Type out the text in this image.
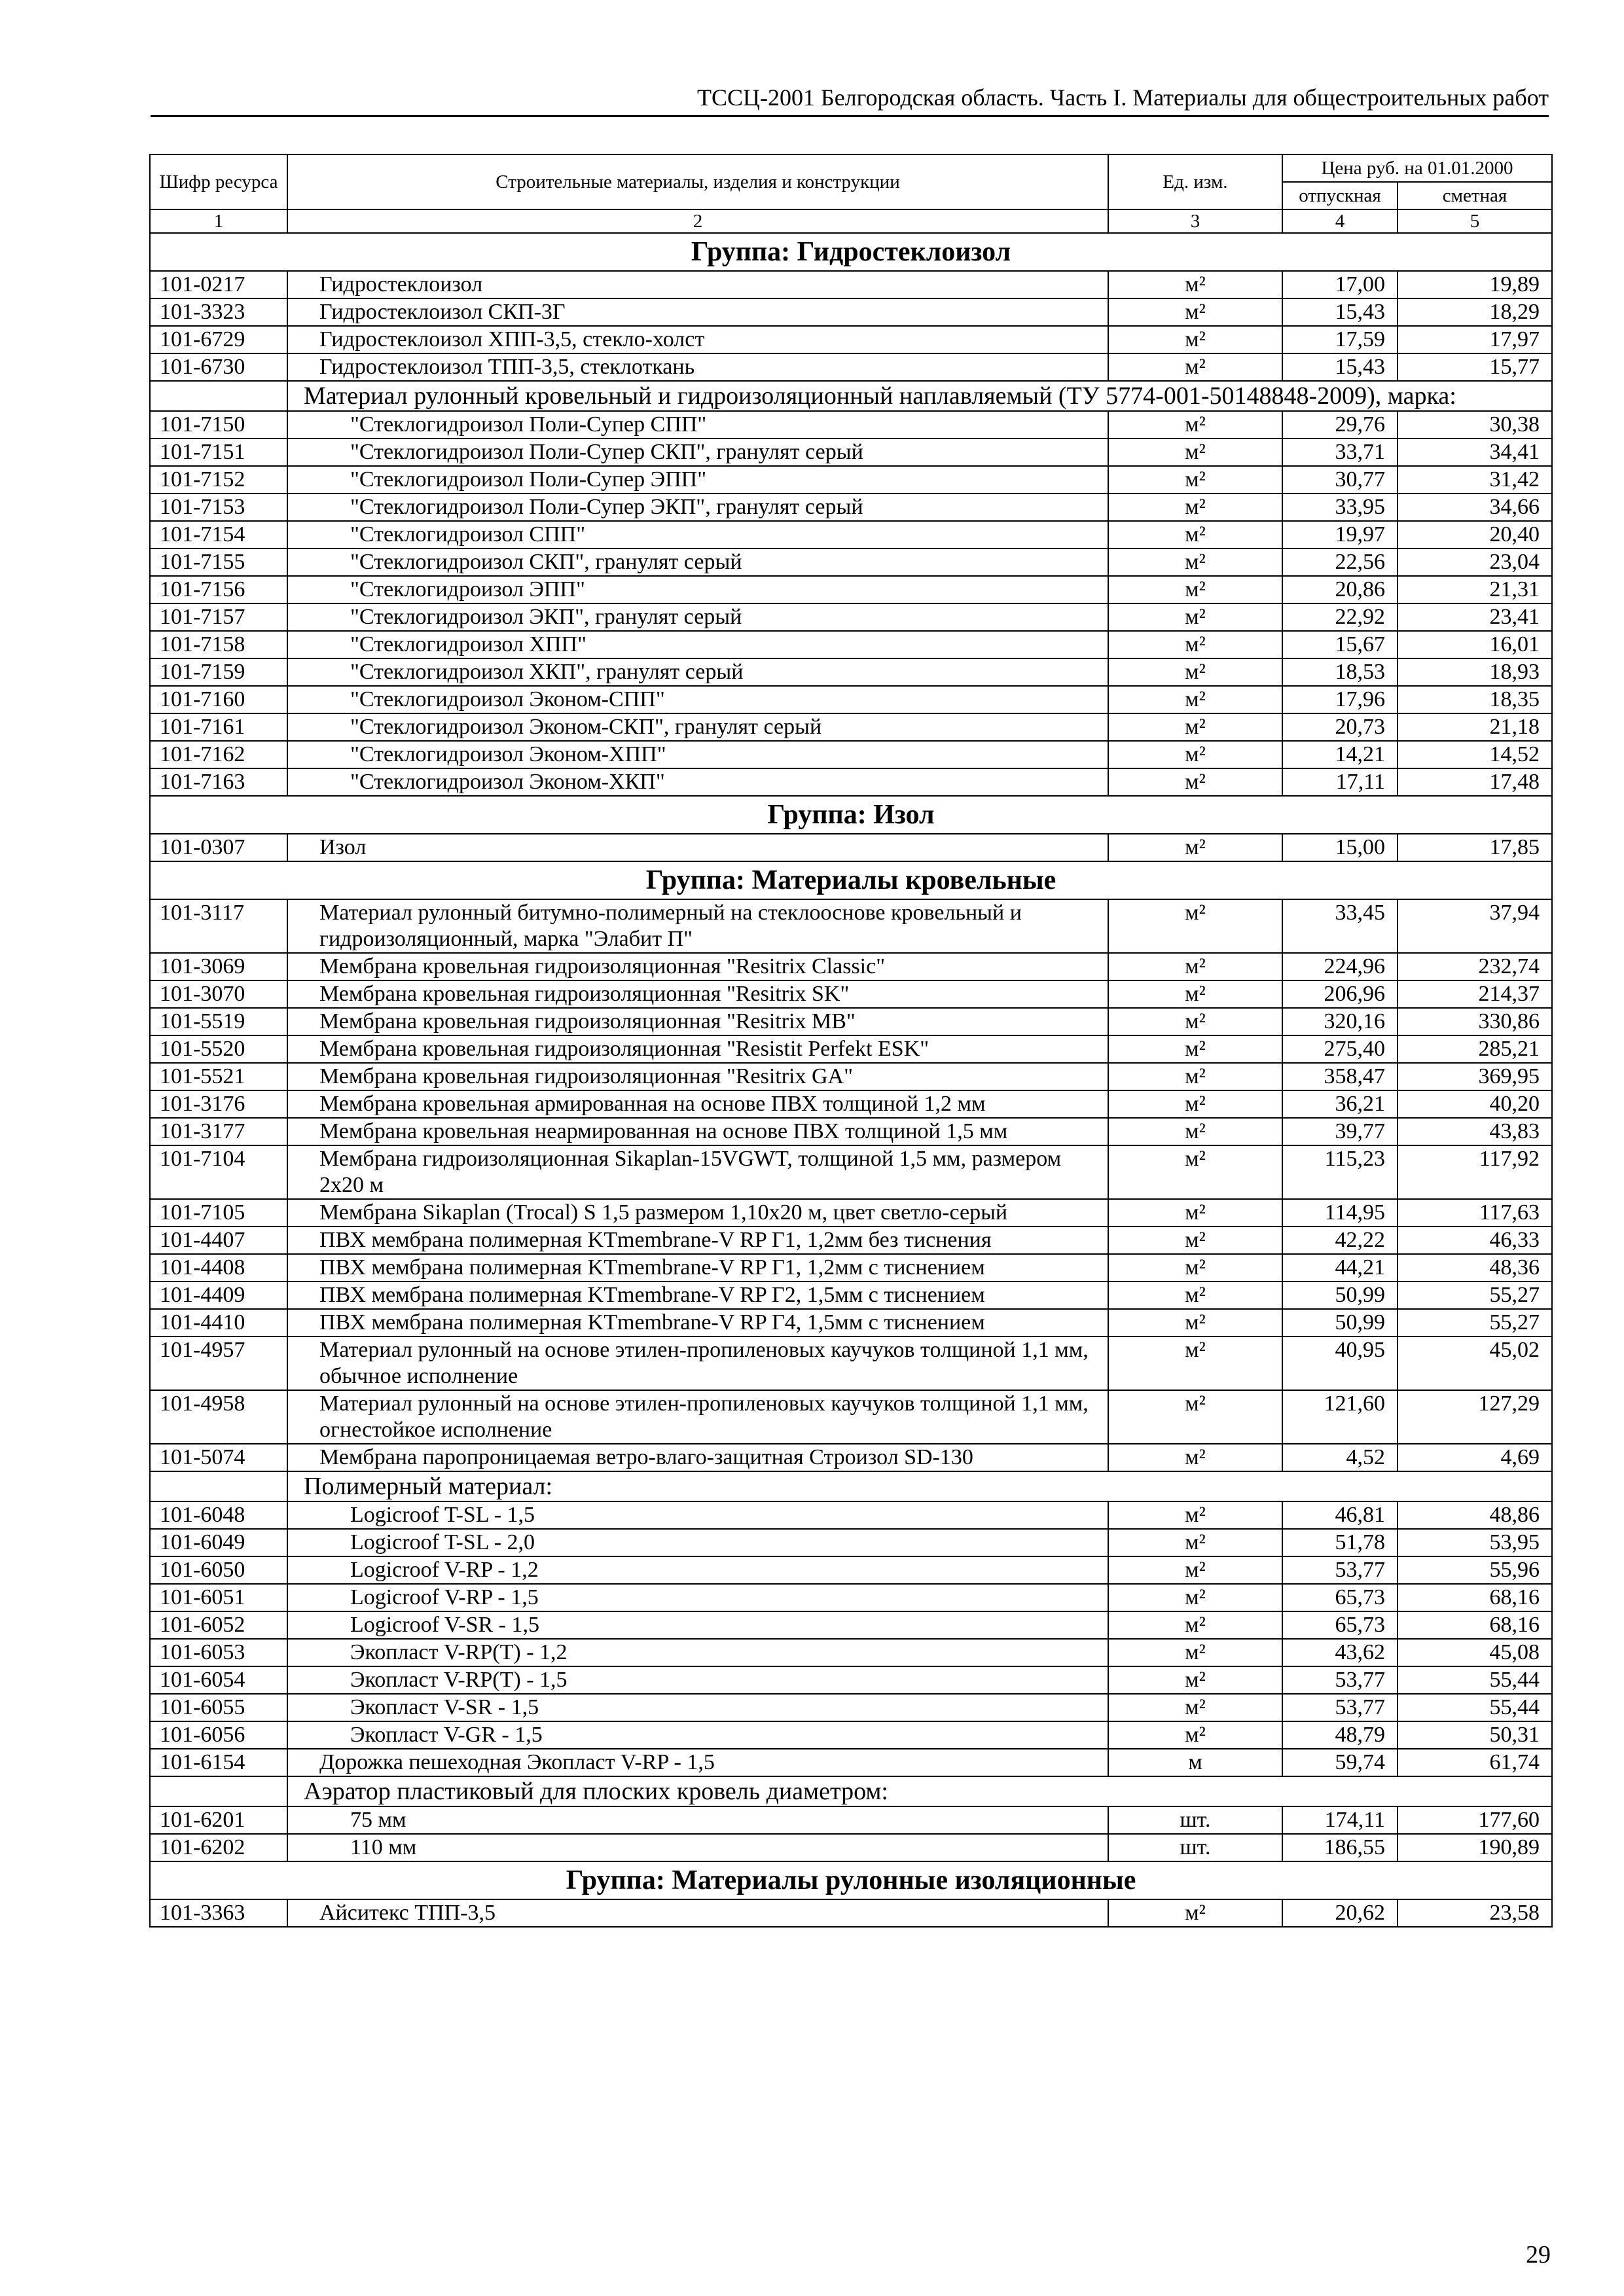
ТССЦ-2001 Белгородская область. Часть I. Материалы для общестроительных работ
Шифр ресурса	Строительные материалы, изделия и конструкции	Ед. изм.	Цена руб. на 01.01.2000	
			отпускная	сметная
1	2	3	4	5
Группа: Гидростеклоизол				
101-0217	Гидростеклоизол	м²	17,00	19,89
101-3323	Гидростеклоизол СКП-3Г	м²	15,43	18,29
101-6729	Гидростеклоизол ХПП-3,5, стекло-холст	м²	17,59	17,97
101-6730	Гидростеклоизол ТПП-3,5, стеклоткань	м²	15,43	15,77
	Материал рулонный кровельный и гидроизоляционный наплавляемый (ТУ 5774-001-50148848-2009), марка:			
101-7150	"Стеклогидроизол Поли-Супер СПП"	м²	29,76	30,38
101-7151	"Стеклогидроизол Поли-Супер СКП", гранулят серый	м²	33,71	34,41
101-7152	"Стеклогидроизол Поли-Супер ЭПП"	м²	30,77	31,42
101-7153	"Стеклогидроизол Поли-Супер ЭКП", гранулят серый	м²	33,95	34,66
101-7154	"Стеклогидроизол СПП"	м²	19,97	20,40
101-7155	"Стеклогидроизол СКП", гранулят серый	м²	22,56	23,04
101-7156	"Стеклогидроизол ЭПП"	м²	20,86	21,31
101-7157	"Стеклогидроизол ЭКП", гранулят серый	м²	22,92	23,41
101-7158	"Стеклогидроизол ХПП"	м²	15,67	16,01
101-7159	"Стеклогидроизол ХКП", гранулят серый	м²	18,53	18,93
101-7160	"Стеклогидроизол Эконом-СПП"	м²	17,96	18,35
101-7161	"Стеклогидроизол Эконом-СКП", гранулят серый	м²	20,73	21,18
101-7162	"Стеклогидроизол Эконом-ХПП"	м²	14,21	14,52
101-7163	"Стеклогидроизол Эконом-ХКП"	м²	17,11	17,48
Группа: Изол				
101-0307	Изол	м²	15,00	17,85
Группа: Материалы кровельные				
101-3117	Материал рулонный битумно-полимерный на стеклооснове кровельный и гидроизоляционный, марка "Элабит П"	м²	33,45	37,94
101-3069	Мембрана кровельная гидроизоляционная "Resitrix Classic"	м²	224,96	232,74
101-3070	Мембрана кровельная гидроизоляционная "Resitrix SK"	м²	206,96	214,37
101-5519	Мембрана кровельная гидроизоляционная "Resitrix MB"	м²	320,16	330,86
101-5520	Мембрана кровельная гидроизоляционная "Resistit Perfekt ESK"	м²	275,40	285,21
101-5521	Мембрана кровельная гидроизоляционная "Resitrix GA"	м²	358,47	369,95
101-3176	Мембрана кровельная армированная на основе ПВХ толщиной 1,2 мм	м²	36,21	40,20
101-3177	Мембрана кровельная неармированная на основе ПВХ толщиной 1,5 мм	м²	39,77	43,83
101-7104	Мембрана гидроизоляционная Sikaplan-15VGWT, толщиной 1,5 мм, размером 2х20 м	м²	115,23	117,92
101-7105	Мембрана Sikaplan (Trocal) S 1,5 размером 1,10х20 м, цвет светло-серый	м²	114,95	117,63
101-4407	ПВХ мембрана полимерная KTmembrane-V RP Г1, 1,2мм без тиснения	м²	42,22	46,33
101-4408	ПВХ мембрана полимерная KTmembrane-V RP Г1, 1,2мм с тиснением	м²	44,21	48,36
101-4409	ПВХ мембрана полимерная KTmembrane-V RP Г2, 1,5мм с тиснением	м²	50,99	55,27
101-4410	ПВХ мембрана полимерная KTmembrane-V RP Г4, 1,5мм с тиснением	м²	50,99	55,27
101-4957	Материал рулонный на основе этилен-пропиленовых каучуков толщиной 1,1 мм, обычное исполнение	м²	40,95	45,02
101-4958	Материал рулонный на основе этилен-пропиленовых каучуков толщиной 1,1 мм, огнестойкое исполнение	м²	121,60	127,29
101-5074	Мембрана паропроницаемая ветро-влаго-защитная Строизол SD-130	м²	4,52	4,69
	Полимерный материал:			
101-6048	Logicroof T-SL - 1,5	м²	46,81	48,86
101-6049	Logicroof T-SL - 2,0	м²	51,78	53,95
101-6050	Logicroof V-RP - 1,2	м²	53,77	55,96
101-6051	Logicroof V-RP - 1,5	м²	65,73	68,16
101-6052	Logicroof V-SR - 1,5	м²	65,73	68,16
101-6053	Экопласт V-RP(T) - 1,2	м²	43,62	45,08
101-6054	Экопласт V-RP(T) - 1,5	м²	53,77	55,44
101-6055	Экопласт V-SR - 1,5	м²	53,77	55,44
101-6056	Экопласт V-GR - 1,5	м²	48,79	50,31
101-6154	Дорожка пешеходная Экопласт V-RP - 1,5	м	59,74	61,74
	Аэратор пластиковый для плоских кровель диаметром:			
101-6201	75 мм	шт.	174,11	177,60
101-6202	110 мм	шт.	186,55	190,89
Группа: Материалы рулонные изоляционные				
101-3363	Айситекс ТПП-3,5	м²	20,62	23,58
29
